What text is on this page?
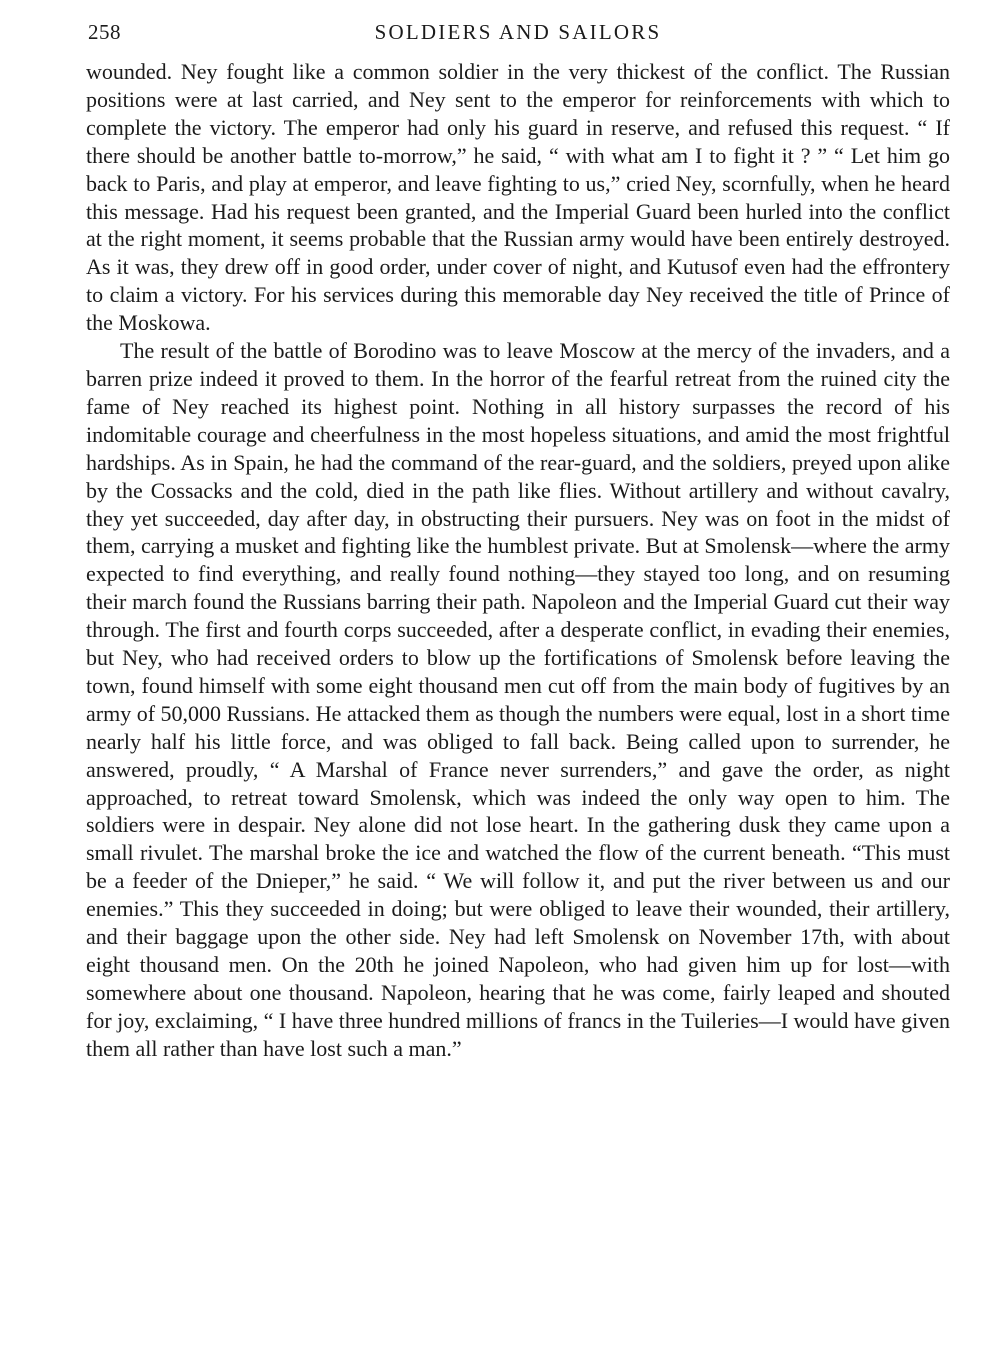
258	SOLDIERS AND SAILORS

wounded. Ney fought like a common soldier in the very thickest of the conflict. The Russian positions were at last carried, and Ney sent to the emperor for reinforcements with which to complete the victory. The emperor had only his guard in reserve, and refused this request. “ If there should be another battle to-morrow,” he said, “ with what am I to fight it ? ” “ Let him go back to Paris, and play at emperor, and leave fighting to us,” cried Ney, scornfully, when he heard this message. Had his request been granted, and the Imperial Guard been hurled into the conflict at the right moment, it seems probable that the Russian army would have been entirely destroyed. As it was, they drew off in good order, under cover of night, and Kutusof even had the effrontery to claim a victory. For his services during this memorable day Ney received the title of Prince of the Moskowa.

The result of the battle of Borodino was to leave Moscow at the mercy of the invaders, and a barren prize indeed it proved to them. In the horror of the fearful retreat from the ruined city the fame of Ney reached its highest point. Nothing in all history surpasses the record of his indomitable courage and cheerfulness in the most hopeless situations, and amid the most frightful hardships. As in Spain, he had the command of the rear-guard, and the soldiers, preyed upon alike by the Cossacks and the cold, died in the path like flies. Without artillery and without cavalry, they yet succeeded, day after day, in obstructing their pursuers. Ney was on foot in the midst of them, carrying a musket and fighting like the humblest private. But at Smolensk—where the army expected to find everything, and really found nothing—they stayed too long, and on resuming their march found the Russians barring their path. Napoleon and the Imperial Guard cut their way through. The first and fourth corps succeeded, after a desperate conflict, in evading their enemies, but Ney, who had received orders to blow up the fortifications of Smolensk before leaving the town, found himself with some eight thousand men cut off from the main body of fugitives by an army of 50,000 Russians. He attacked them as though the numbers were equal, lost in a short time nearly half his little force, and was obliged to fall back. Being called upon to surrender, he answered, proudly, “ A Marshal of France never surrenders,” and gave the order, as night approached, to retreat toward Smolensk, which was indeed the only way open to him. The soldiers were in despair. Ney alone did not lose heart. In the gathering dusk they came upon a small rivulet. The marshal broke the ice and watched the flow of the current beneath. “This must be a feeder of the Dnieper,” he said. “ We will follow it, and put the river between us and our enemies.” This they succeeded in doing; but were obliged to leave their wounded, their artillery, and their baggage upon the other side. Ney had left Smolensk on November 17th, with about eight thousand men. On the 20th he joined Napoleon, who had given him up for lost—with somewhere about one thousand. Napoleon, hearing that he was come, fairly leaped and shouted for joy, exclaiming, “ I have three hundred millions of francs in the Tuileries—I would have given them all rather than have lost such a man.”
